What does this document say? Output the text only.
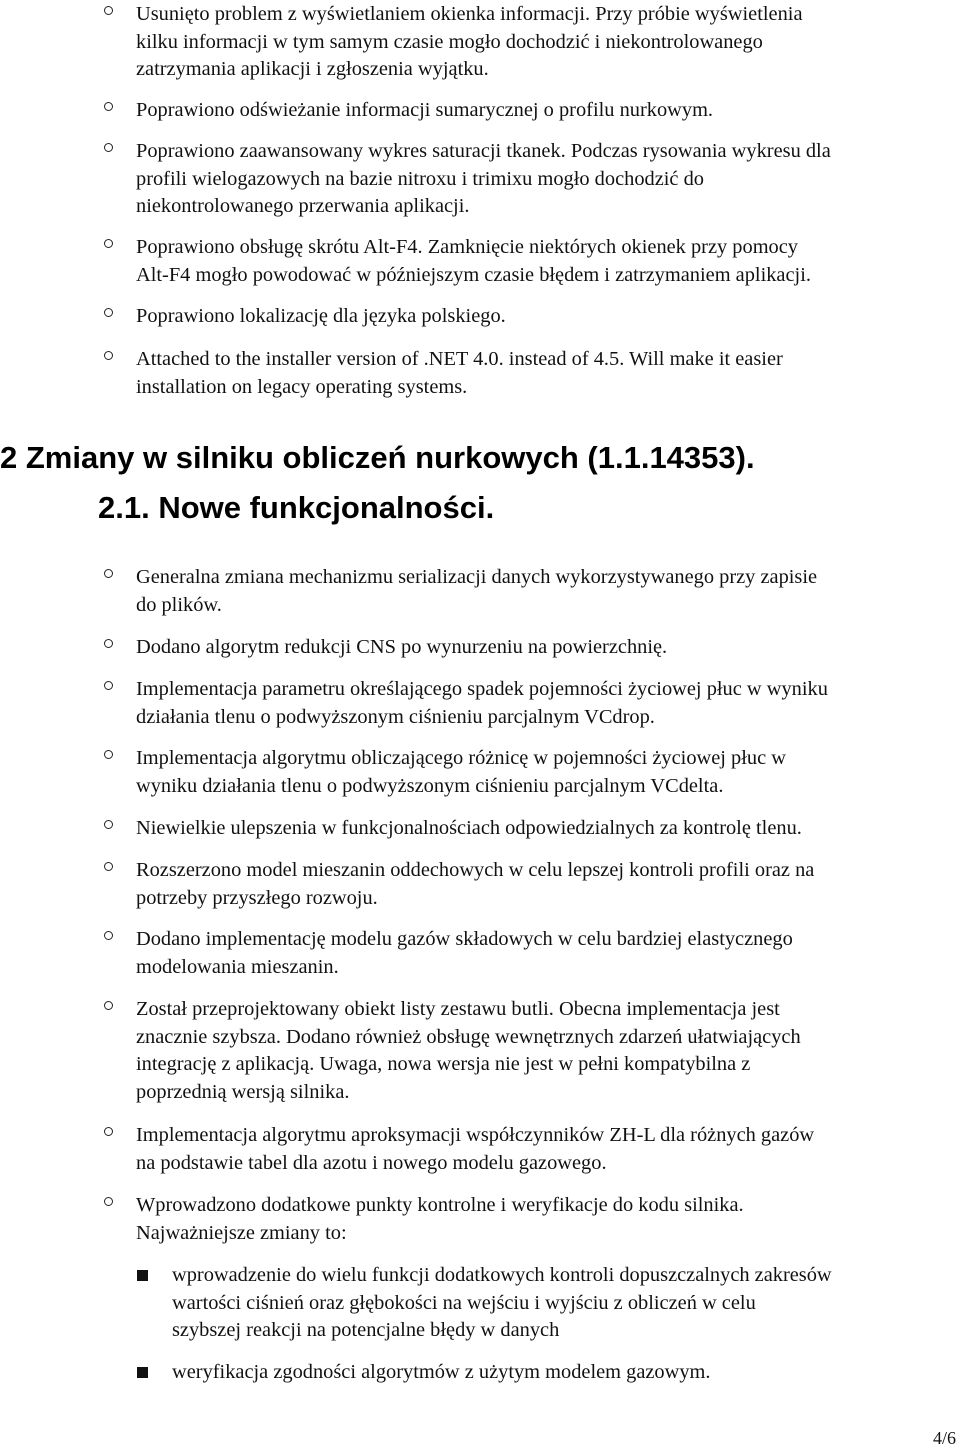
Usunięto problem z wyświetlaniem okienka informacji. Przy próbie wyświetlenia
kilku informacji w tym samym czasie mogło dochodzić i niekontrolowanego
zatrzymania aplikacji i zgłoszenia wyjątku.

Poprawiono odświeżanie informacji sumarycznej o profilu nurkowym.

Poprawiono zaawansowany wykres saturacji tkanek. Podczas rysowania wykresu dla
profili wielogazowych na bazie nitroxu i trimixu mogło dochodzić do
niekontrolowanego przerwania aplikacji.

Poprawiono obsługę skrótu Alt-F4. Zamknięcie niektórych okienek przy pomocy
Alt-F4 mogło powodować w późniejszym czasie błędem i zatrzymaniem aplikacji.

Poprawiono lokalizację dla języka polskiego.

Attached to the installer version of .NET 4.0. instead of 4.5. Will make it easier
installation on legacy operating systems.

2 Zmiany w silniku obliczeń nurkowych (1.1.14353).
2.1. Nowe funkcjonalności.

Generalna zmiana mechanizmu serializacji danych wykorzystywanego przy zapisie
do plików.

Dodano algorytm redukcji CNS po wynurzeniu na powierzchnię.

Implementacja parametru określającego spadek pojemności życiowej płuc w wyniku
działania tlenu o podwyższonym ciśnieniu parcjalnym VCdrop.

Implementacja algorytmu obliczającego różnicę w pojemności życiowej płuc w
wyniku działania tlenu o podwyższonym ciśnieniu parcjalnym VCdelta.

Niewielkie ulepszenia w funkcjonalnościach odpowiedzialnych za kontrolę tlenu.

Rozszerzono model mieszanin oddechowych w celu lepszej kontroli profili oraz na
potrzeby przyszłego rozwoju.

Dodano implementację modelu gazów składowych w celu bardziej elastycznego
modelowania mieszanin.

Został przeprojektowany obiekt listy zestawu butli. Obecna implementacja jest
znacznie szybsza. Dodano również obsługę wewnętrznych zdarzeń ułatwiających
integrację z aplikacją. Uwaga, nowa wersja nie jest w pełni kompatybilna z
poprzednią wersją silnika.

Implementacja algorytmu aproksymacji współczynników ZH-L dla różnych gazów
na podstawie tabel dla azotu i nowego modelu gazowego.

Wprowadzono dodatkowe punkty kontrolne i weryfikacje do kodu silnika.
Najważniejsze zmiany to:

wprowadzenie do wielu funkcji dodatkowych kontroli dopuszczalnych zakresów
wartości ciśnień oraz głębokości na wejściu i wyjściu z obliczeń w celu
szybszej reakcji na potencjalne błędy w danych

weryfikacja zgodności algorytmów z użytym modelem gazowym.

4/6
